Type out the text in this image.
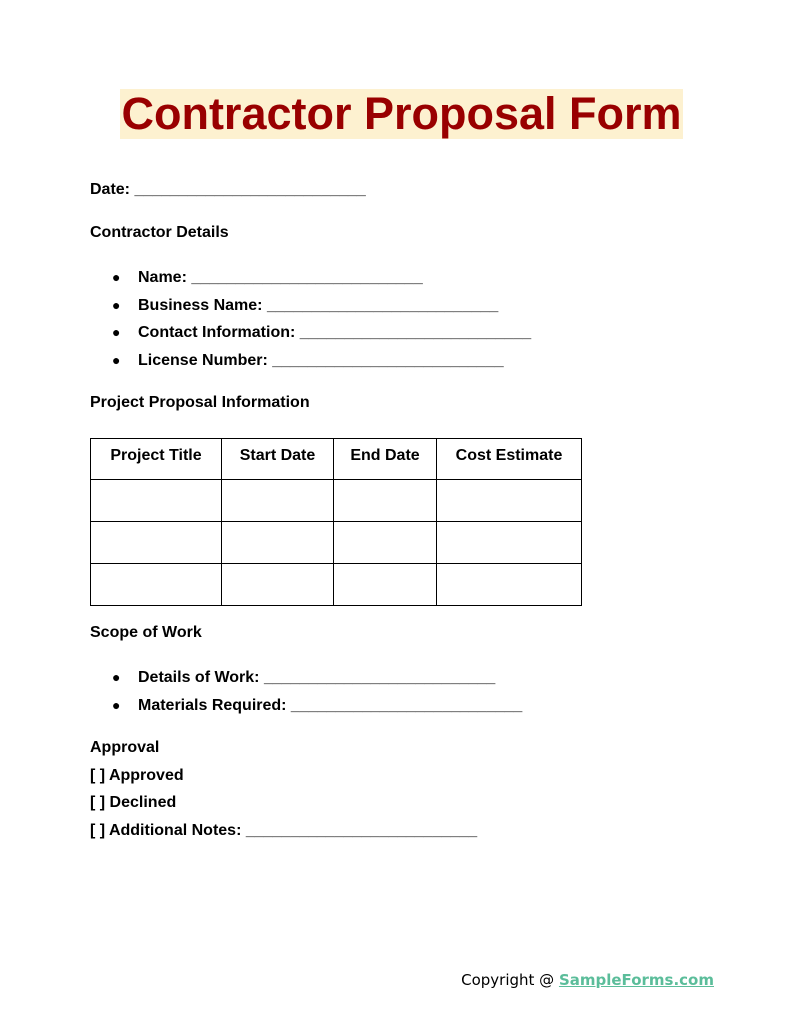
Contractor Proposal Form
Date: __________________________
Contractor Details
● Name: __________________________
● Business Name: __________________________
● Contact Information: __________________________
● License Number: __________________________
Project Proposal Information
Project Title	Start Date	End Date	Cost Estimate

Scope of Work
● Details of Work: __________________________
● Materials Required: __________________________
Approval
[ ] Approved
[ ] Declined
[ ] Additional Notes: __________________________
Copyright @ SampleForms.com
